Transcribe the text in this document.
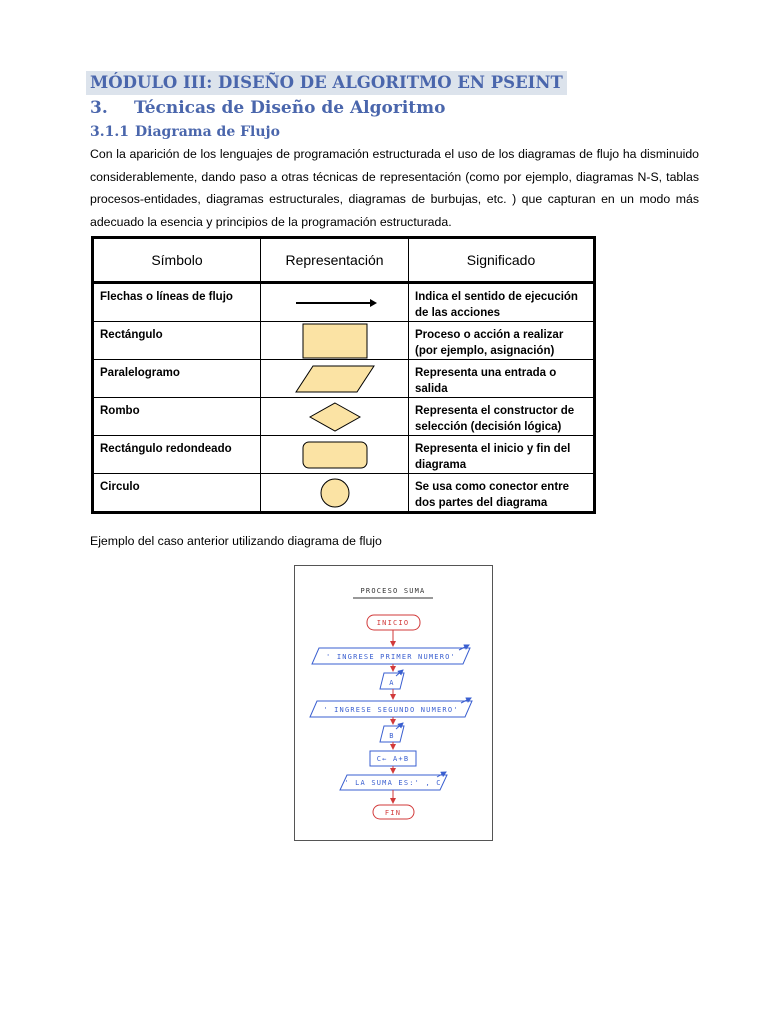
MÓDULO III: DISEÑO DE ALGORITMO EN PSEINT
3. Técnicas de Diseño de Algoritmo
3.1.1 Diagrama de Flujo
Con la aparición de los lenguajes de programación estructurada el uso de los diagramas de flujo ha disminuido considerablemente, dando paso a otras técnicas de representación (como por ejemplo, diagramas N-S, tablas procesos-entidades, diagramas estructurales, diagramas de burbujas, etc. ) que capturan en un modo más adecuado la esencia y principios de la programación estructurada.
Símbolo	Representación	Significado
Flechas o líneas de flujo		Indica el sentido de ejecución de las acciones
Rectángulo		Proceso o acción a realizar (por ejemplo, asignación)
Paralelogramo		Representa una entrada o salida
Rombo		Representa el constructor de selección (decisión lógica)
Rectángulo redondeado		Representa el inicio y fin del diagrama
Circulo		Se usa como conector entre dos partes del diagrama
Ejemplo del caso anterior utilizando diagrama de flujo
PROCESO SUMA
INICIO
' INGRESE PRIMER NUMERO'
A
' INGRESE SEGUNDO NUMERO'
B
C← A+B
' LA SUMA ES:' , C
FIN
